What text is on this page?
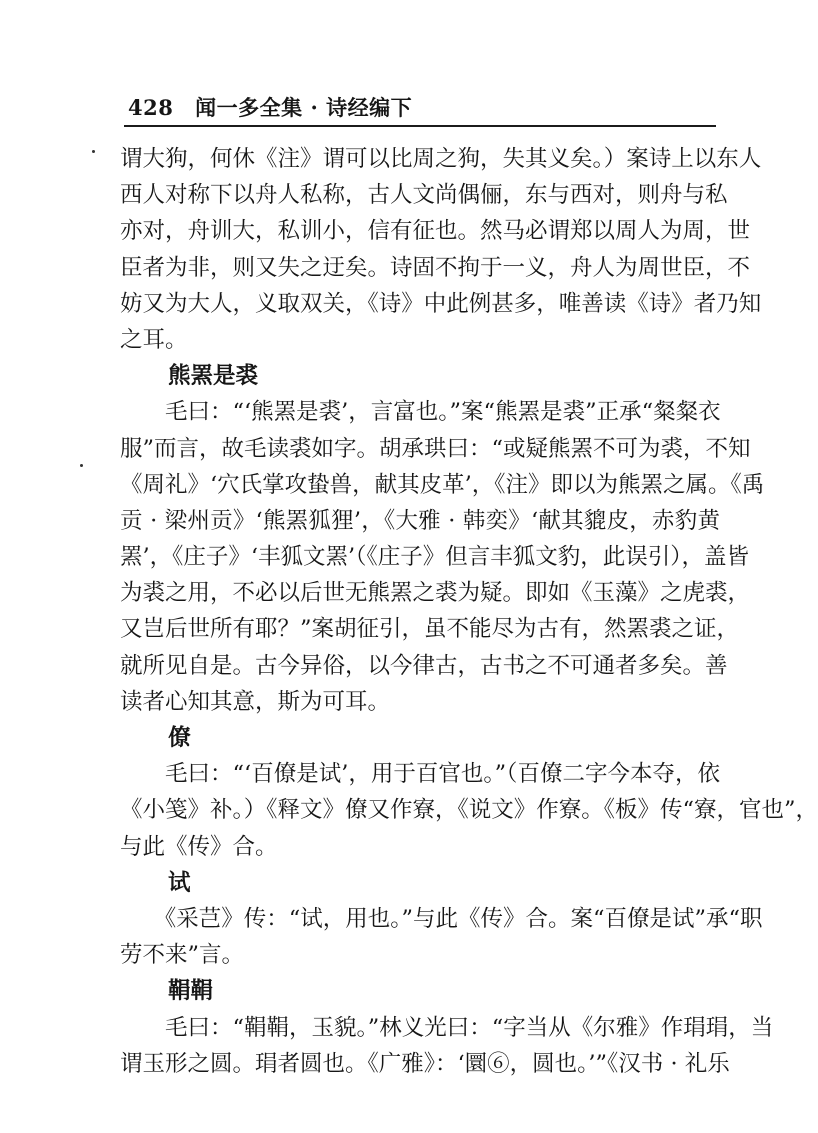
428 闻一多全集 · 诗经编下
谓大狗，何休《注》谓可以比周之狗，失其义矣。）案诗上以东人
西人对称下以舟人私称，古人文尚偶俪，东与西对，则舟与私
亦对，舟训大，私训小，信有征也。然马必谓郑以周人为周，世
臣者为非，则又失之迂矣。诗固不拘于一义，舟人为周世臣，不
妨又为大人，义取双关，《诗》中此例甚多，唯善读《诗》者乃知
之耳。
熊罴是裘
　　毛曰：“‘熊罴是裘’，言富也。”案“熊罴是裘”正承“粲粲衣
服”而言，故毛读裘如字。胡承珙曰：“或疑熊罴不可为裘，不知
《周礼》‘穴氏掌攻蛰兽，献其皮革’，《注》即以为熊罴之属。《禹
贡 · 梁州贡》‘熊罴狐狸’，《大雅 · 韩奕》‘献其貔皮，赤豹黄
罴’，《庄子》‘丰狐文罴’（《庄子》但言丰狐文豹，此误引），盖皆
为裘之用，不必以后世无熊罴之裘为疑。即如《玉藻》之虎裘，
又岂后世所有耶？”案胡征引，虽不能尽为古有，然罴裘之证，
就所见自是。古今异俗，以今律古，古书之不可通者多矣。善
读者心知其意，斯为可耳。
僚
　　毛曰：“‘百僚是试’，用于百官也。”（百僚二字今本夺，依
《小笺》补。）《释文》僚又作寮，《说文》作寮。《板》传“寮，官也”，
与此《传》合。
试
　　《采芑》传：“试，用也。”与此《传》合。案“百僚是试”承“职
劳不来”言。
鞙鞙
　　毛曰：“鞙鞙，玉貌。”林义光曰：“字当从《尔雅》作琄琄，当
谓玉形之圆。琄者圆也。《广雅》：‘圜⑥，圆也。’”《汉书 · 礼乐
